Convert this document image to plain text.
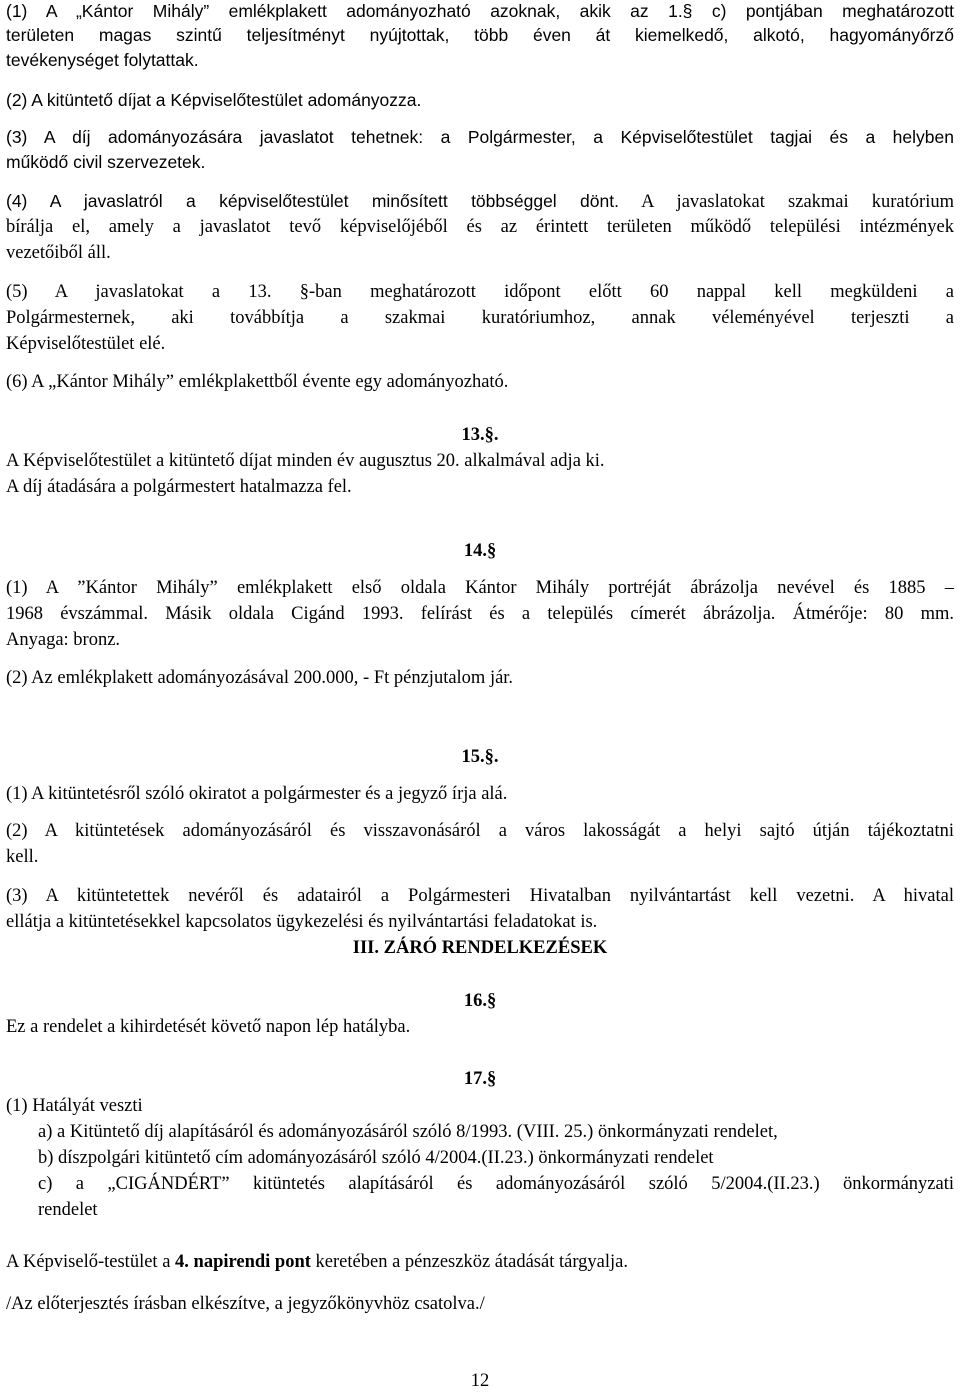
(1) A „Kántor Mihály” emlékplakett adományozható azoknak, akik az 1.§ c) pontjában meghatározott

területen magas szintű teljesítményt nyújtottak, több éven át kiemelkedő, alkotó, hagyományőrző

tevékenységet folytattak.

(2) A kitüntető díjat a Képviselőtestület adományozza.

(3) A díj adományozására javaslatot tehetnek: a Polgármester, a Képviselőtestület tagjai és a helyben

működő civil szervezetek.

(4) A javaslatról a képviselőtestület minősített többséggel dönt. A javaslatokat szakmai kuratórium

bírálja el, amely a javaslatot tevő képviselőjéből és az érintett területen működő települési intézmények

vezetőiből áll.

(5) A javaslatokat a 13. §-ban meghatározott időpont előtt 60 nappal kell megküldeni a

Polgármesternek, aki továbbítja a szakmai kuratóriumhoz, annak véleményével terjeszti a

Képviselőtestület elé.

(6) A „Kántor Mihály” emlékplakettből évente egy adományozható.

13.§.

A Képviselőtestület a kitüntető díjat minden év augusztus 20. alkalmával adja ki.

A díj átadására a polgármestert hatalmazza fel.

14.§

(1) A ”Kántor Mihály” emlékplakett első oldala Kántor Mihály portréját ábrázolja nevével és 1885 –

1968 évszámmal. Másik oldala Cigánd 1993. felírást és a település címerét ábrázolja. Átmérője: 80 mm.

Anyaga: bronz.

(2) Az emlékplakett adományozásával 200.000, - Ft pénzjutalom jár.

15.§.

(1) A kitüntetésről szóló okiratot a polgármester és a jegyző írja alá.

(2) A kitüntetések adományozásáról és visszavonásáról a város lakosságát a helyi sajtó útján tájékoztatni

kell.

(3) A kitüntetettek nevéről és adatairól a Polgármesteri Hivatalban nyilvántartást kell vezetni. A hivatal

ellátja a kitüntetésekkel kapcsolatos ügykezelési és nyilvántartási feladatokat is.

III. ZÁRÓ RENDELKEZÉSEK

16.§

Ez a rendelet a kihirdetését követő napon lép hatályba.

17.§

(1) Hatályát veszti

a) a Kitüntető díj alapításáról és adományozásáról szóló 8/1993. (VIII. 25.) önkormányzati rendelet,

b) díszpolgári kitüntető cím adományozásáról szóló 4/2004.(II.23.) önkormányzati rendelet

c) a „CIGÁNDÉRT” kitüntetés alapításáról és adományozásáról szóló 5/2004.(II.23.) önkormányzati

rendelet

A Képviselő-testület a 4. napirendi pont keretében a pénzeszköz átadását tárgyalja.

/Az előterjesztés írásban elkészítve, a jegyzőkönyvhöz csatolva./

12
